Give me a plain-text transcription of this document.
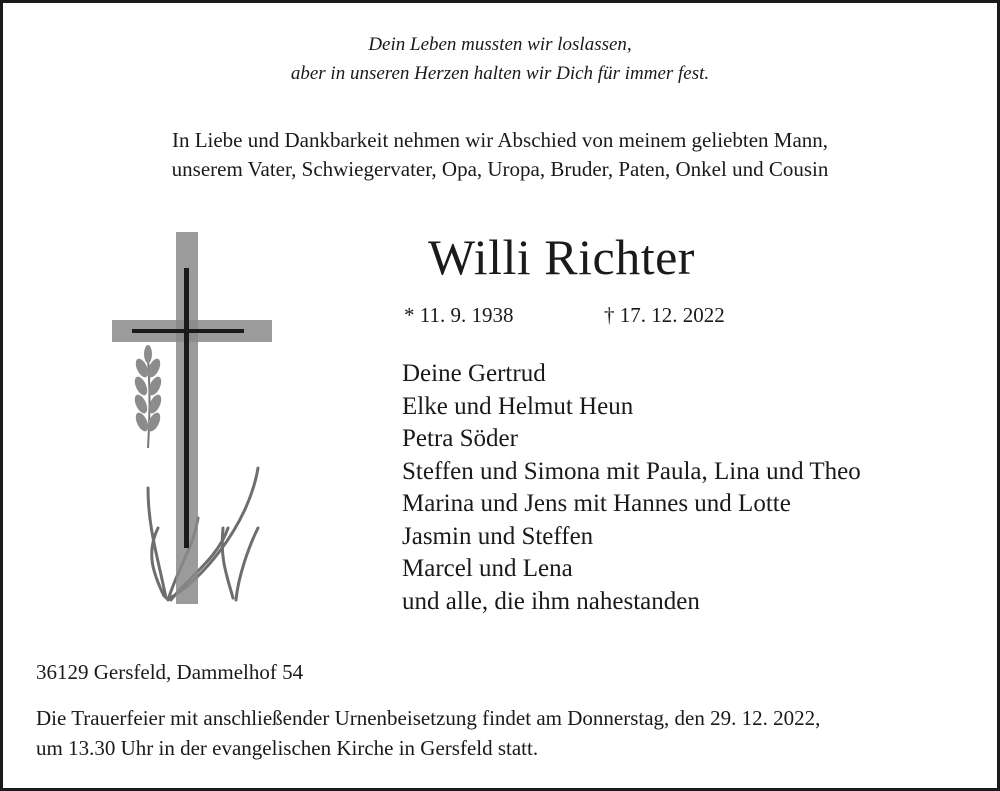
Dein Leben mussten wir loslassen,
aber in unseren Herzen halten wir Dich für immer fest.
In Liebe und Dankbarkeit nehmen wir Abschied von meinem geliebten Mann,
unserem Vater, Schwiegervater, Opa, Uropa, Bruder, Paten, Onkel und Cousin
Willi Richter
* 11. 9. 1938	† 17. 12. 2022
Deine Gertrud
Elke und Helmut Heun
Petra Söder
Steffen und Simona mit Paula, Lina und Theo
Marina und Jens mit Hannes und Lotte
Jasmin und Steffen
Marcel und Lena
und alle, die ihm nahestanden
36129 Gersfeld, Dammelhof 54
Die Trauerfeier mit anschließender Urnenbeisetzung findet am Donnerstag, den 29. 12. 2022,
um 13.30 Uhr in der evangelischen Kirche in Gersfeld statt.
